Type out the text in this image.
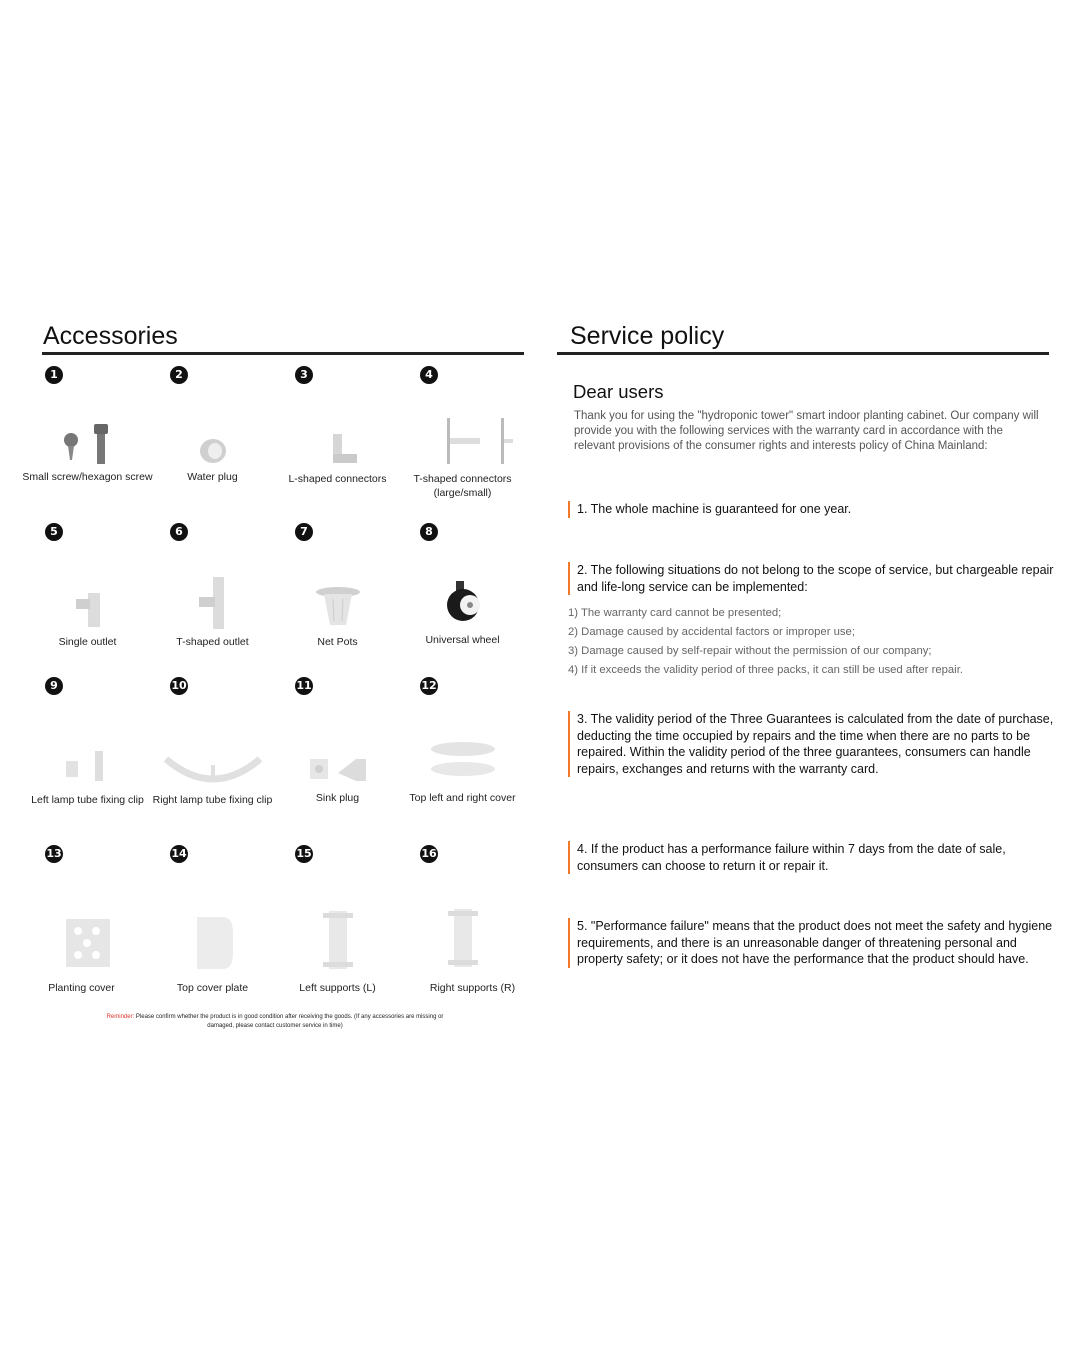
Accessories
1
Small screw/hexagon screw
2
Water plug
3
L-shaped connectors
4
T-shaped connectors (large/small)
5
Single outlet
6
T-shaped outlet
7
Net Pots
8
Universal wheel
9
Left lamp tube fixing clip
10
Right lamp tube fixing clip
11
Sink plug
12
Top left and right cover
13
Planting cover
14
Top cover plate
15
Left supports (L)
16
Right supports (R)
Reminder: Please confirm whether the product is in good condition after receiving the goods. (If any accessories are missing or damaged, please contact customer service in time)
Service policy
Dear users
Thank you for using the "hydroponic tower" smart indoor planting cabinet. Our company will provide you with the following services with the warranty card in accordance with the relevant provisions of the consumer rights and interests policy of China Mainland:
1. The whole machine is guaranteed for one year.
2. The following situations do not belong to the scope of service, but chargeable repair and life-long service can be implemented:
1) The warranty card cannot be presented;
2) Damage caused by accidental factors or improper use;
3) Damage caused by self-repair without the permission of our company;
4) If it exceeds the validity period of three packs, it can still be used after repair.
3. The validity period of the Three Guarantees is calculated from the date of purchase, deducting the time occupied by repairs and the time when there are no parts to be repaired. Within the validity period of the three guarantees, consumers can handle repairs, exchanges and returns with the warranty card.
4. If the product has a performance failure within 7 days from the date of sale, consumers can choose to return it or repair it.
5. "Performance failure" means that the product does not meet the safety and hygiene requirements, and there is an unreasonable danger of threatening personal and property safety; or it does not have the performance that the product should have.
